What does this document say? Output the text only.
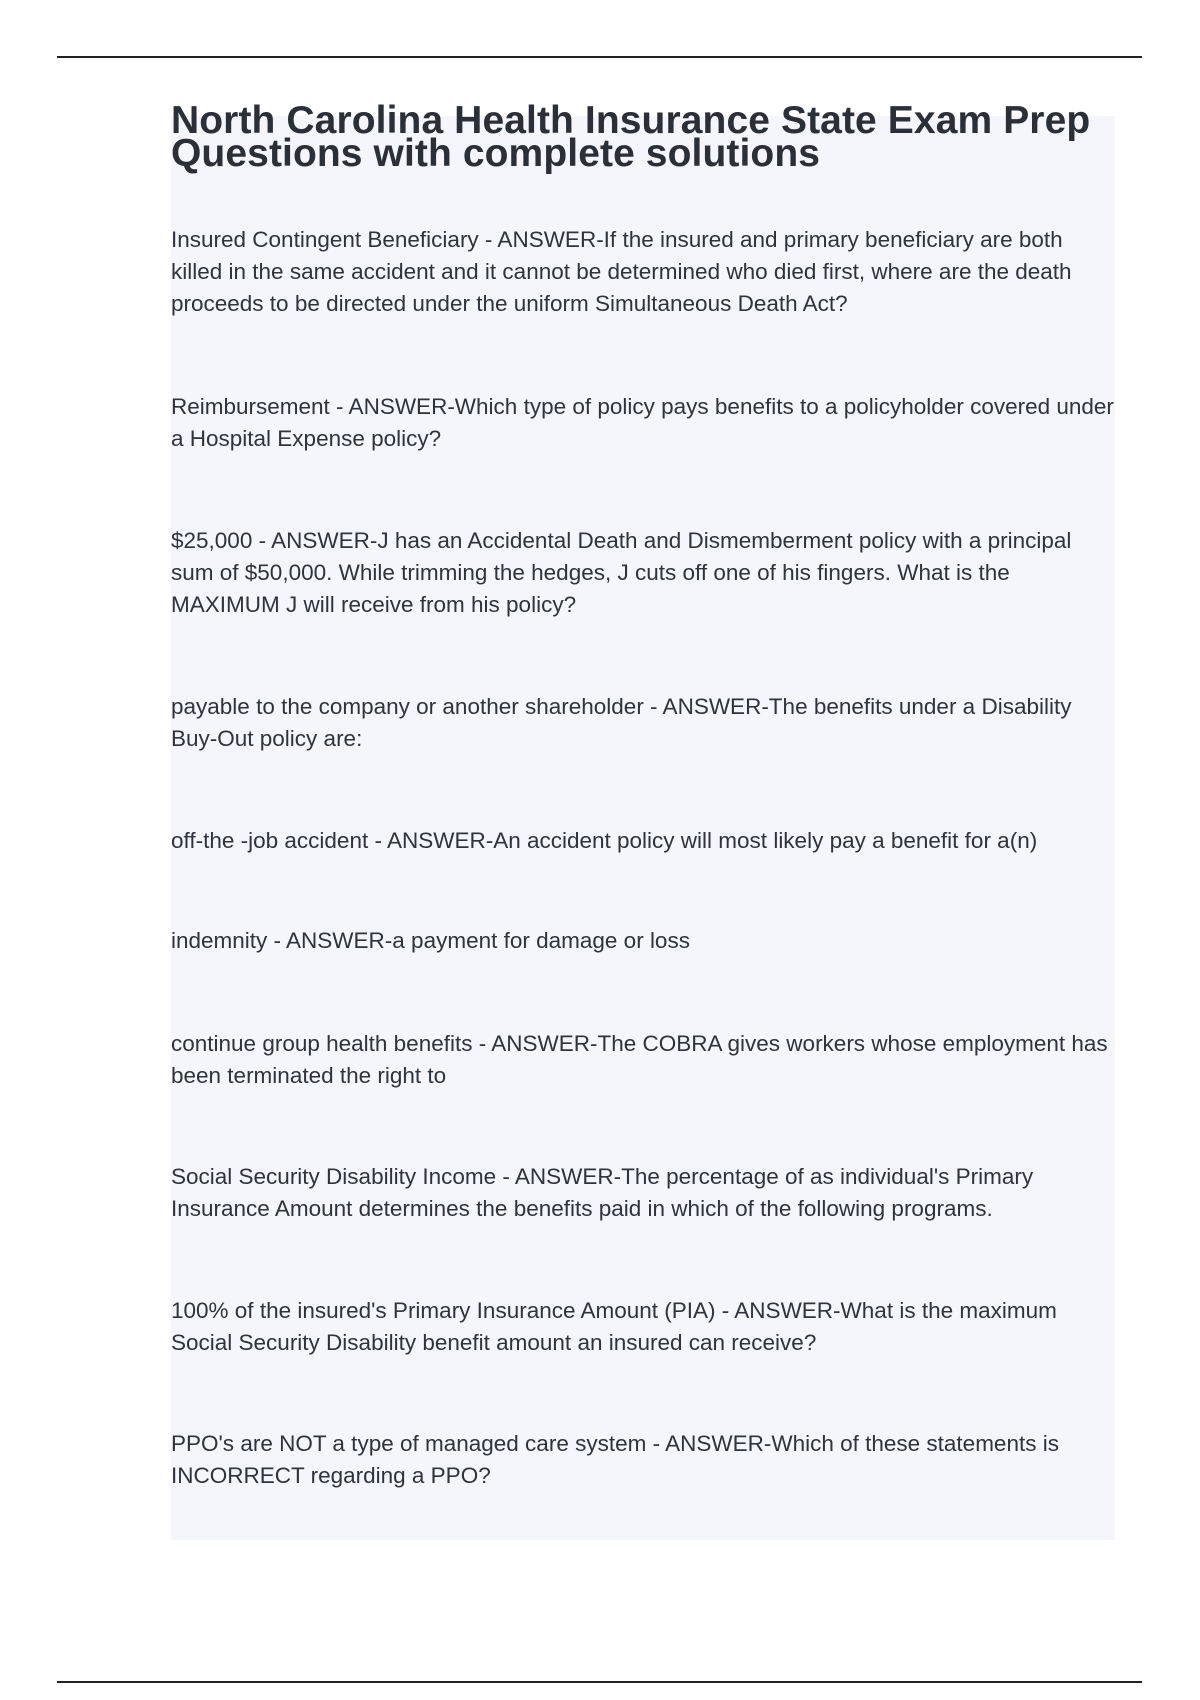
North Carolina Health Insurance State Exam Prep Questions with complete solutions

Insured Contingent Beneficiary - ANSWER-If the insured and primary beneficiary are both killed in the same accident and it cannot be determined who died first, where are the death proceeds to be directed under the uniform Simultaneous Death Act?

Reimbursement - ANSWER-Which type of policy pays benefits to a policyholder covered under a Hospital Expense policy?

$25,000 - ANSWER-J has an Accidental Death and Dismemberment policy with a principal sum of $50,000. While trimming the hedges, J cuts off one of his fingers. What is the MAXIMUM J will receive from his policy?

payable to the company or another shareholder - ANSWER-The benefits under a Disability Buy-Out policy are:

off-the -job accident - ANSWER-An accident policy will most likely pay a benefit for a(n)

indemnity - ANSWER-a payment for damage or loss

continue group health benefits - ANSWER-The COBRA gives workers whose employment has been terminated the right to

Social Security Disability Income - ANSWER-The percentage of as individual's Primary Insurance Amount determines the benefits paid in which of the following programs.

100% of the insured's Primary Insurance Amount (PIA) - ANSWER-What is the maximum Social Security Disability benefit amount an insured can receive?

PPO's are NOT a type of managed care system - ANSWER-Which of these statements is INCORRECT regarding a PPO?
